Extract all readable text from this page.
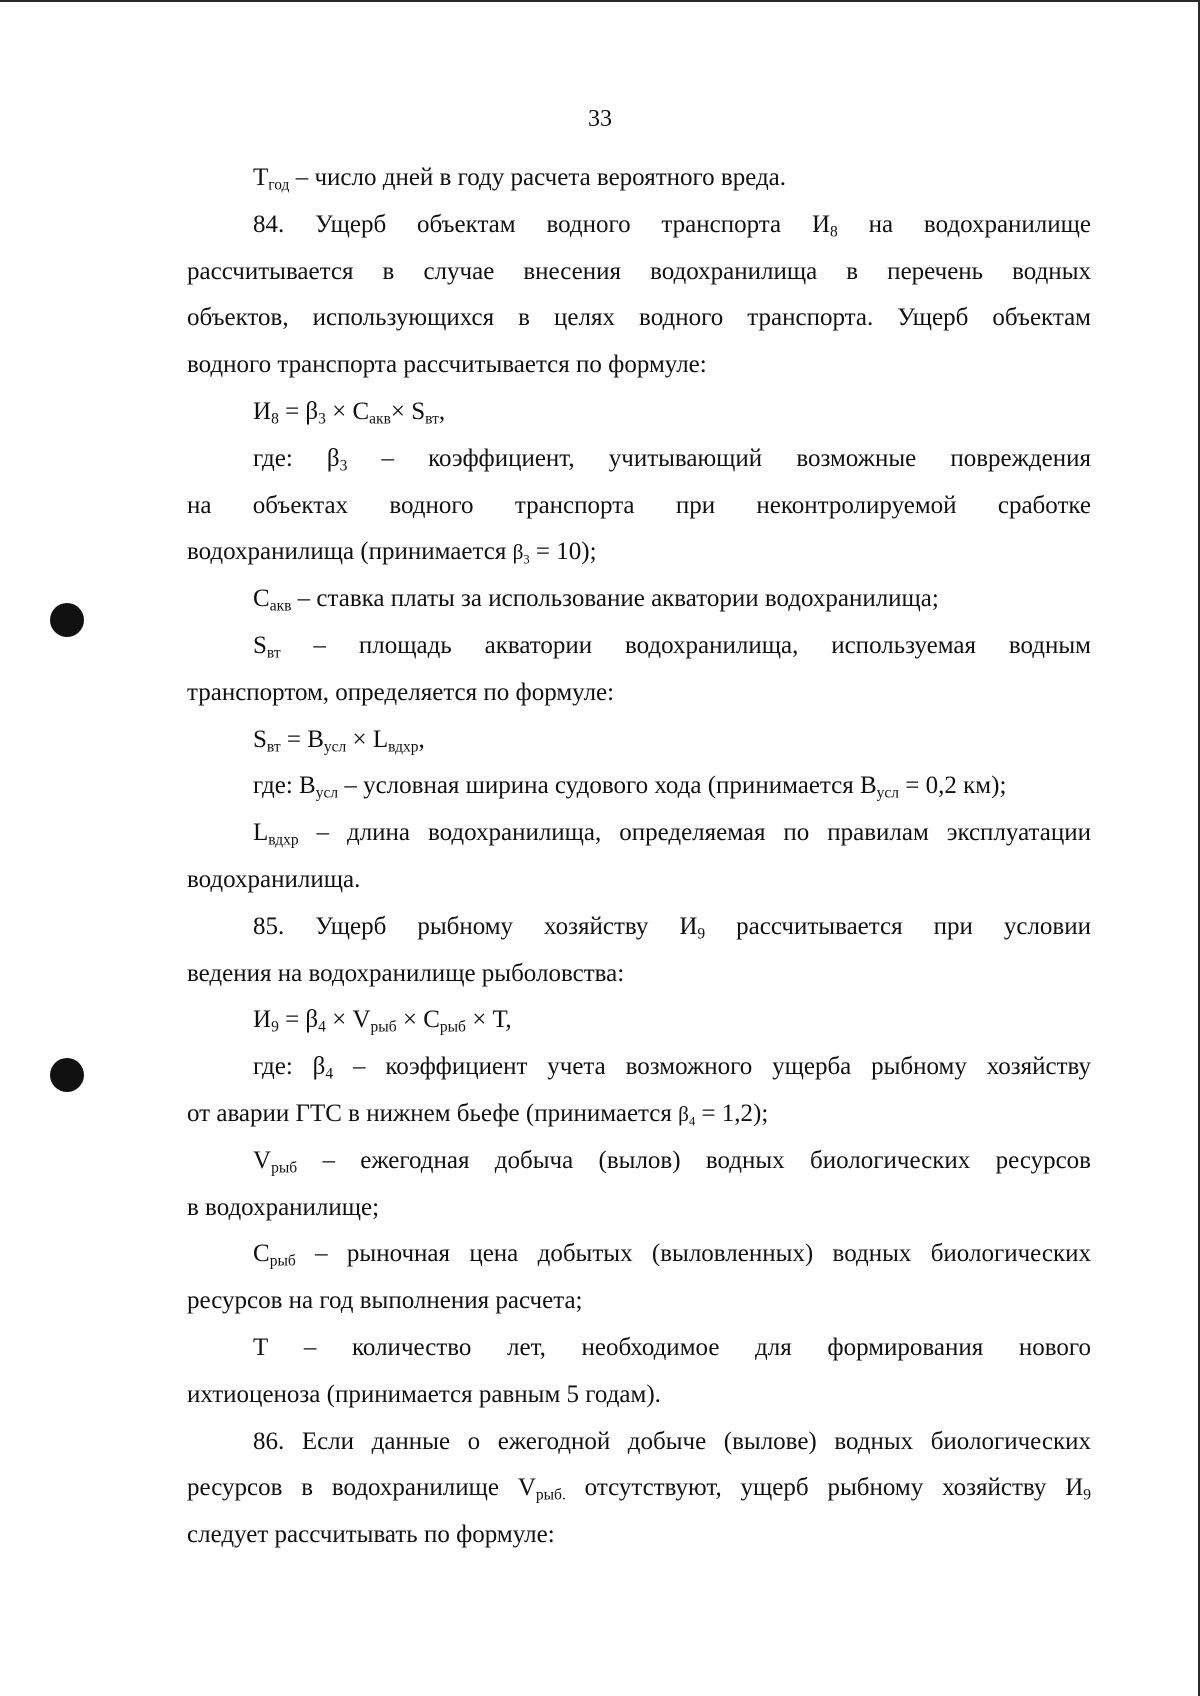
33
$Т_{год}$ – число дней в году расчета вероятного вреда.
84. Ущерб объектам водного транспорта $И_8$ на водохранилище
рассчитывается в случае внесения водохранилища в перечень водных
объектов, использующихся в целях водного транспорта. Ущерб объектам
водного транспорта рассчитывается по формуле:
$И_8 = \beta_3 \times С_{акв}\times S_{вт}$,
где: $\beta_3$ – коэффициент, учитывающий возможные повреждения
на объектах водного транспорта при неконтролируемой сработке
водохранилища (принимается β3 = 10);
$С_{акв}$ – ставка платы за использование акватории водохранилища;
$S_{вт}$ – площадь акватории водохранилища, используемая водным
транспортом, определяется по формуле:
$S_{вт} = В_{усл} \times L_{вдхр}$,
где: $В_{усл}$ – условная ширина судового хода (принимается $В_{усл} = 0,2$ км);
$L_{вдхр}$ – длина водохранилища, определяемая по правилам эксплуатации
водохранилища.
85. Ущерб рыбному хозяйству $И_9$ рассчитывается при условии
ведения на водохранилище рыболовства:
$И_9 = \beta_4 \times V_{рыб} \times С_{рыб} \times Т$,
где: $\beta_4$ – коэффициент учета возможного ущерба рыбному хозяйству
от аварии ГТС в нижнем бьефе (принимается β4 = 1,2);
$V_{рыб}$ – ежегодная добыча (вылов) водных биологических ресурсов
в водохранилище;
$С_{рыб}$ – рыночная цена добытых (выловленных) водных биологических
ресурсов на год выполнения расчета;
Т – количество лет, необходимое для формирования нового
ихтиоценоза (принимается равным 5 годам).
86. Если данные о ежегодной добыче (вылове) водных биологических
ресурсов в водохранилище $V_{рыб.}$ отсутствуют, ущерб рыбному хозяйству $И_9$
следует рассчитывать по формуле:
